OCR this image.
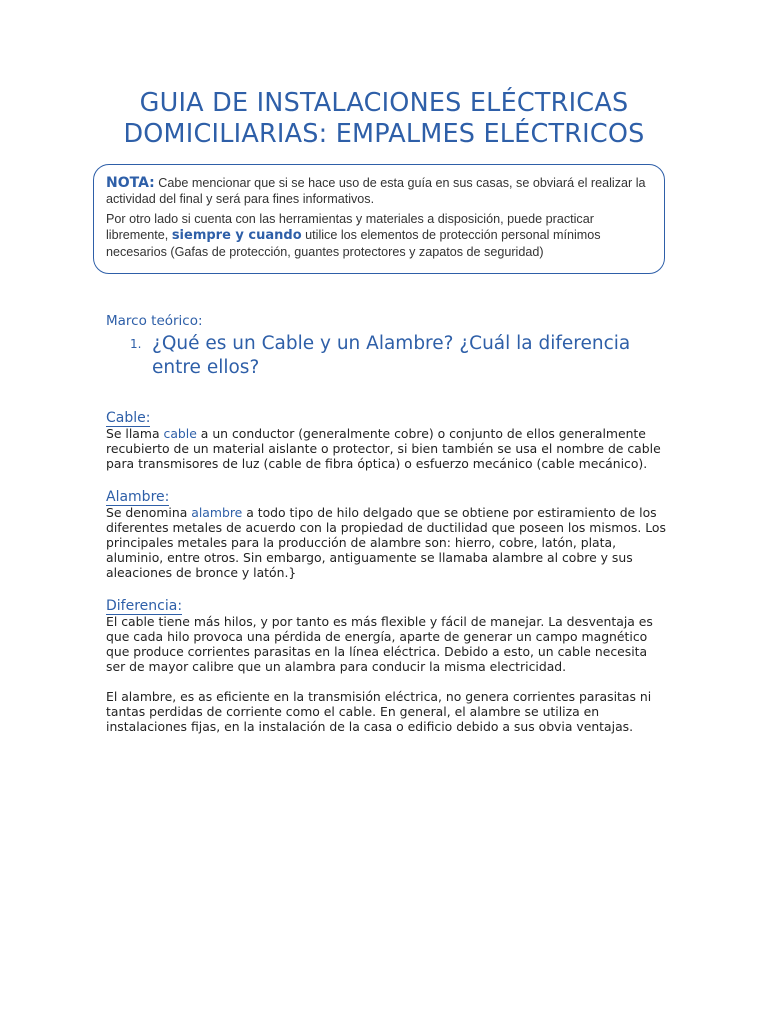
GUIA DE INSTALACIONES ELÉCTRICAS
DOMICILIARIAS: EMPALMES ELÉCTRICOS

NOTA: Cabe mencionar que si se hace uso de esta guía en sus casas, se obviará el realizar la actividad del final y será para fines informativos.

Por otro lado si cuenta con las herramientas y materiales a disposición, puede practicar libremente, siempre y cuando utilice los elementos de protección personal mínimos necesarios (Gafas de protección, guantes protectores y zapatos de seguridad)

Marco teórico:

1. ¿Qué es un Cable y un Alambre? ¿Cuál la diferencia entre ellos?
Cable:

Se llama cable a un conductor (generalmente cobre) o conjunto de ellos generalmente recubierto de un material aislante o protector, si bien también se usa el nombre de cable para transmisores de luz (cable de fibra óptica) o esfuerzo mecánico (cable mecánico).

Alambre:

Se denomina alambre a todo tipo de hilo delgado que se obtiene por estiramiento de los diferentes metales de acuerdo con la propiedad de ductilidad que poseen los mismos. Los principales metales para la producción de alambre son: hierro, cobre, latón, plata, aluminio, entre otros. Sin embargo, antiguamente se llamaba alambre al cobre y sus aleaciones de bronce y latón.}

Diferencia:

El cable tiene más hilos, y por tanto es más flexible y fácil de manejar. La desventaja es que cada hilo provoca una pérdida de energía, aparte de generar un campo magnético que produce corrientes parasitas en la línea eléctrica. Debido a esto, un cable necesita ser de mayor calibre que un alambra para conducir la misma electricidad.

El alambre, es as eficiente en la transmisión eléctrica, no genera corrientes parasitas ni tantas perdidas de corriente como el cable. En general, el alambre se utiliza en instalaciones fijas, en la instalación de la casa o edificio debido a sus obvia ventajas.
